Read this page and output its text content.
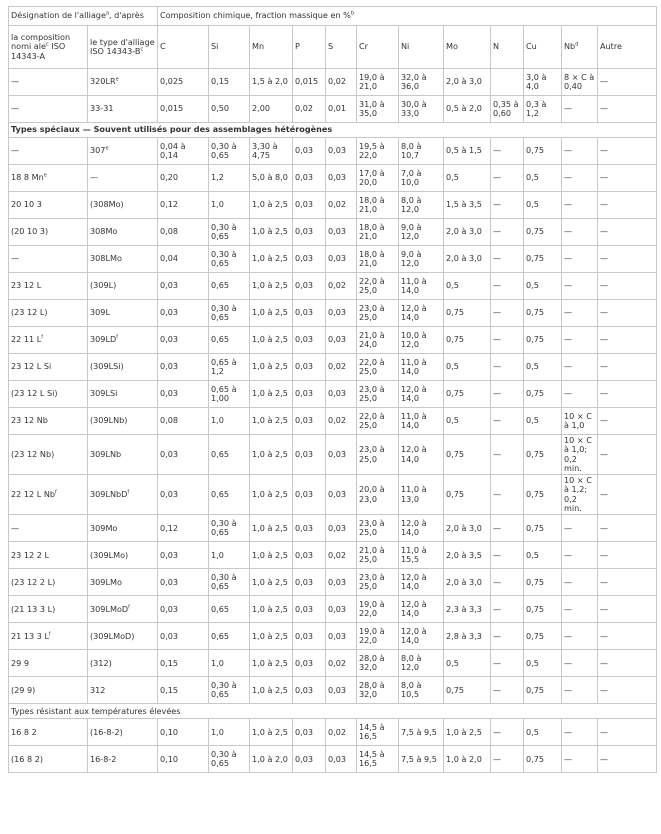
Désignation de l'alliage$^a$, d'après		Composition chimique, fraction massique en %$^b$
la composition nomi ale$^c$ ISO 14343-A	le type d'alliage ISO $14343-B^c$	C	Si	Mn	P	S	Cr	Ni	Mo	N	Cu	Nb$^d$	Autre
—	$320LR^e$	0,025	0,15	1,5 à 2,0	0,015	0,02	19,0 à 21,0	32,0 à 36,0	2,0 à 3,0		3,0 à 4,0	8 × C à 0,40	—
—	33-31	0,015	0,50	2,00	0,02	0,01	31,0 à 35,0	30,0 à 33,0	0,5 à 2,0	0,35 à 0,60	0,3 à 1,2	—	—
Types spéciaux — Souvent utilisés pour des assemblages hétérogènes													
—	307e	0,04 à 0,14	0,30 à 0,65	3,30 à 4,75	0,03	0,03	19,5 à 22,0	8,0 à 10,7	0,5 à 1,5	—	0,75	—	—
18 8 Mn$^e$	—	0,20	1,2	5,0 à 8,0	0,03	0,03	17,0 à 20,0	7,0 à 10,0	0,5	—	0,5	—	—
20 10 3	(308Mo)	0,12	1,0	1,0 à 2,5	0,03	0,02	18,0 à 21,0	8,0 à 12,0	1,5 à 3,5	—	0,5	—	—
(20 10 3)	308Mo	0,08	0,30 à 0,65	1,0 à 2,5	0,03	0,03	18,0 à 21,0	9,0 à 12,0	2,0 à 3,0	—	0,75	—	—
—	308LMo	0,04	0,30 à 0,65	1,0 à 2,5	0,03	0,03	18,0 à 21,0	9,0 à 12,0	2,0 à 3,0	—	0,75	—	—
23 12 L	(309L)	0,03	0,65	1,0 à 2,5	0,03	0,02	22,0 à 25,0	11,0 à 14,0	0,5	—	0,5	—	—
(23 12 L)	309L	0,03	0,30 à 0,65	1,0 à 2,5	0,03	0,03	23,0 à 25,0	12,0 à 14,0	0,75	—	0,75	—	—
22 11 $L^f$	$309LD^f$	0,03	0,65	1,0 à 2,5	0,03	0,03	21,0 à 24,0	10,0 à 12,0	0,75	—	0,75	—	—
23 12 L Si	(309LSi)	0,03	0,65 à 1,2	1,0 à 2,5	0,03	0,02	22,0 à 25,0	11,0 à 14,0	0,5	—	0,5	—	—
(23 12 L Si)	309LSi	0,03	0,65 à 1,00	1,0 à 2,5	0,03	0,03	23,0 à 25,0	12,0 à 14,0	0,75	—	0,75	—	—
23 12 Nb	(309LNb)	0,08	1,0	1,0 à 2,5	0,03	0,02	22,0 à 25,0	11,0 à 14,0	0,5	—	0,5	10 × C à 1,0	—
(23 12 Nb)	309LNb	0,03	0,65	1,0 à 2,5	0,03	0,03	23,0 à 25,0	12,0 à 14,0	0,75	—	0,75	10 × C à 1,0; 0,2 min.	—
22 12 L Nb$^f$	309LNbD$^f$	0,03	0,65	1,0 à 2,5	0,03	0,03	20,0 à 23,0	11,0 à 13,0	0,75	—	0,75	10 × C à 1,2; 0,2 min.	—
—	309Mo	0,12	0,30 à 0,65	1,0 à 2,5	0,03	0,03	23,0 à 25,0	12,0 à 14,0	2,0 à 3,0	—	0,75	—	—
23 12 2 L	(309LMo)	0,03	1,0	1,0 à 2,5	0,03	0,02	21,0 à 25,0	11,0 à 15,5	2,0 à 3,5	—	0,5	—	—
(23 12 2 L)	309LMo	0,03	0,30 à 0,65	1,0 à 2,5	0,03	0,03	23,0 à 25,0	12,0 à 14,0	2,0 à 3,0	—	0,75	—	—
(21 13 3 L)	309LMoD$^f$	0,03	0,65	1,0 à 2,5	0,03	0,03	19,0 à 22,0	12,0 à 14,0	2,3 à 3,3	—	0,75	—	—
21 13 3 $L^f$	(309LMoD)	0,03	0,65	1,0 à 2,5	0,03	0,03	19,0 à 22,0	12,0 à 14,0	2,8 à 3,3	—	0,75	—	—
29 9	(312)	0,15	1,0	1,0 à 2,5	0,03	0,02	28,0 à 32,0	8,0 à 12,0	0,5	—	0,5	—	—
(29 9)	312	0,15	0,30 à 0,65	1,0 à 2,5	0,03	0,03	28,0 à 32,0	8,0 à 10,5	0,75	—	0,75	—	—
Types résistant aux températures élevées													
16 8 2	(16-8-2)	0,10	1,0	1,0 à 2,5	0,03	0,02	14,5 à 16,5	7,5 à 9,5	1,0 à 2,5	—	0,5	—	—
(16 8 2)	16-8-2	0,10	0,30 à 0,65	1,0 à 2,0	0,03	0,03	14,5 à 16,5	7,5 à 9,5	1,0 à 2,0	—	0,75	—	—
